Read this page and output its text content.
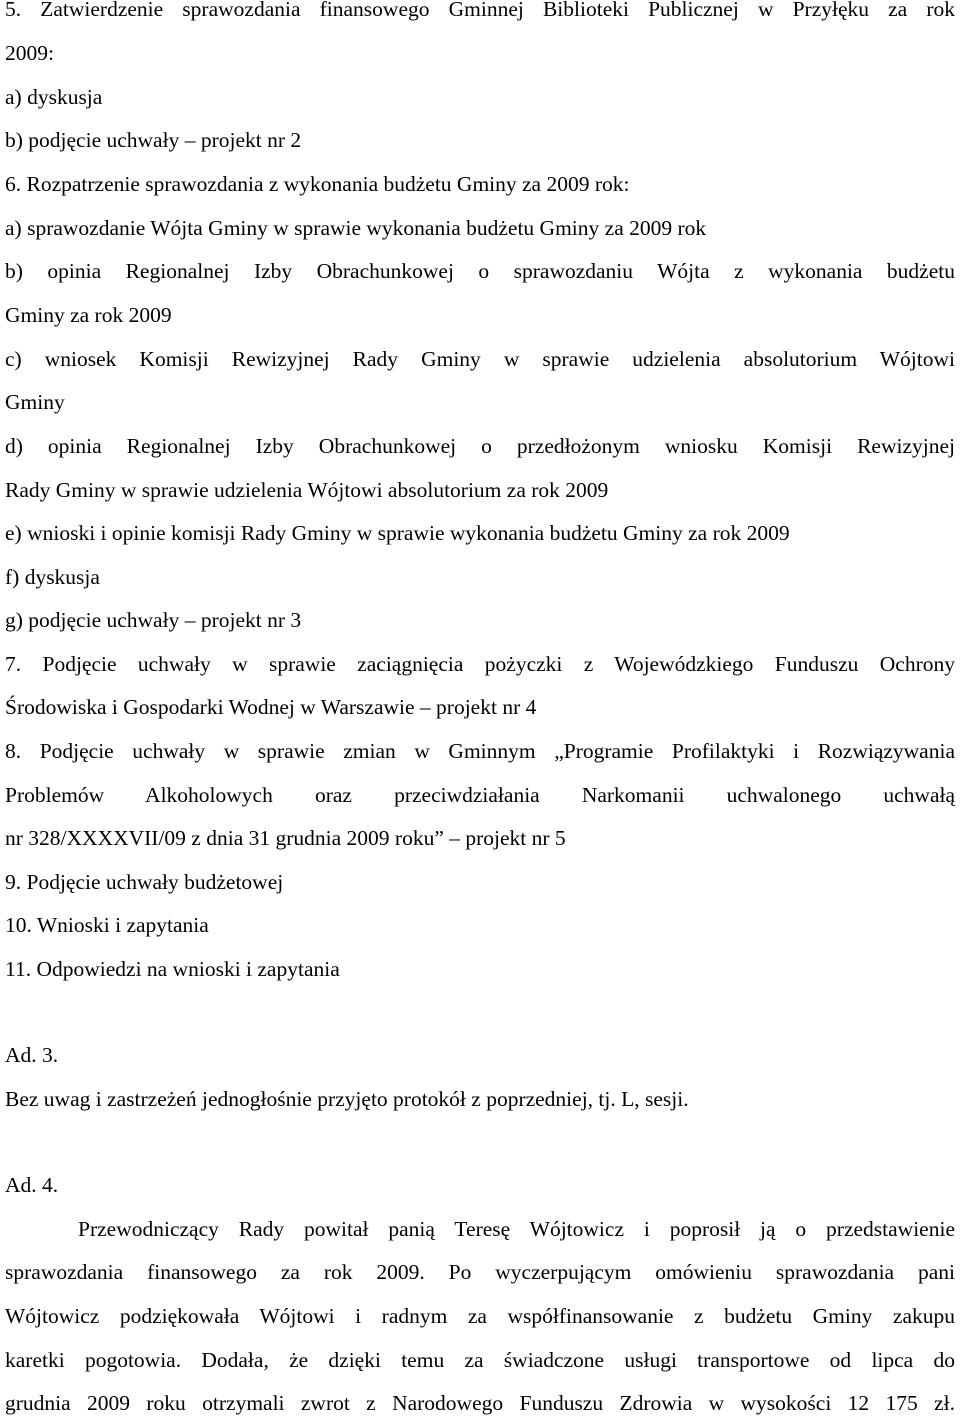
5. Zatwierdzenie sprawozdania finansowego Gminnej Biblioteki Publicznej w Przyłęku za rok
2009:
a) dyskusja
b) podjęcie uchwały – projekt nr 2
6. Rozpatrzenie sprawozdania z wykonania budżetu Gminy za 2009 rok:
a) sprawozdanie Wójta Gminy w sprawie wykonania budżetu Gminy za 2009 rok
b) opinia Regionalnej Izby Obrachunkowej o sprawozdaniu Wójta z wykonania budżetu
Gminy za rok 2009
c) wniosek Komisji Rewizyjnej Rady Gminy w sprawie udzielenia absolutorium Wójtowi
Gminy
d) opinia Regionalnej Izby Obrachunkowej o przedłożonym wniosku Komisji Rewizyjnej
Rady Gminy w sprawie udzielenia Wójtowi absolutorium za rok 2009
e) wnioski i opinie komisji Rady Gminy w sprawie wykonania budżetu Gminy za rok 2009
f) dyskusja
g) podjęcie uchwały – projekt nr 3
7. Podjęcie uchwały w sprawie zaciągnięcia pożyczki z Wojewódzkiego Funduszu Ochrony
Środowiska i Gospodarki Wodnej w Warszawie – projekt nr 4
8. Podjęcie uchwały w sprawie zmian w Gminnym „Programie Profilaktyki i Rozwiązywania
Problemów Alkoholowych oraz przeciwdziałania Narkomanii uchwalonego uchwałą
nr 328/XXXXVII/09 z dnia 31 grudnia 2009 roku” – projekt nr 5
9. Podjęcie uchwały budżetowej
10. Wnioski i zapytania
11. Odpowiedzi na wnioski i zapytania
Ad. 3.
Bez uwag i zastrzeżeń jednogłośnie przyjęto protokół z poprzedniej, tj. L, sesji.
Ad. 4.
Przewodniczący Rady powitał panią Teresę Wójtowicz i poprosił ją o przedstawienie
sprawozdania finansowego za rok 2009. Po wyczerpującym omówieniu sprawozdania pani
Wójtowicz podziękowała Wójtowi i radnym za współfinansowanie z budżetu Gminy zakupu
karetki pogotowia. Dodała, że dzięki temu za świadczone usługi transportowe od lipca do
grudnia 2009 roku otrzymali zwrot z Narodowego Funduszu Zdrowia w wysokości 12 175 zł.
